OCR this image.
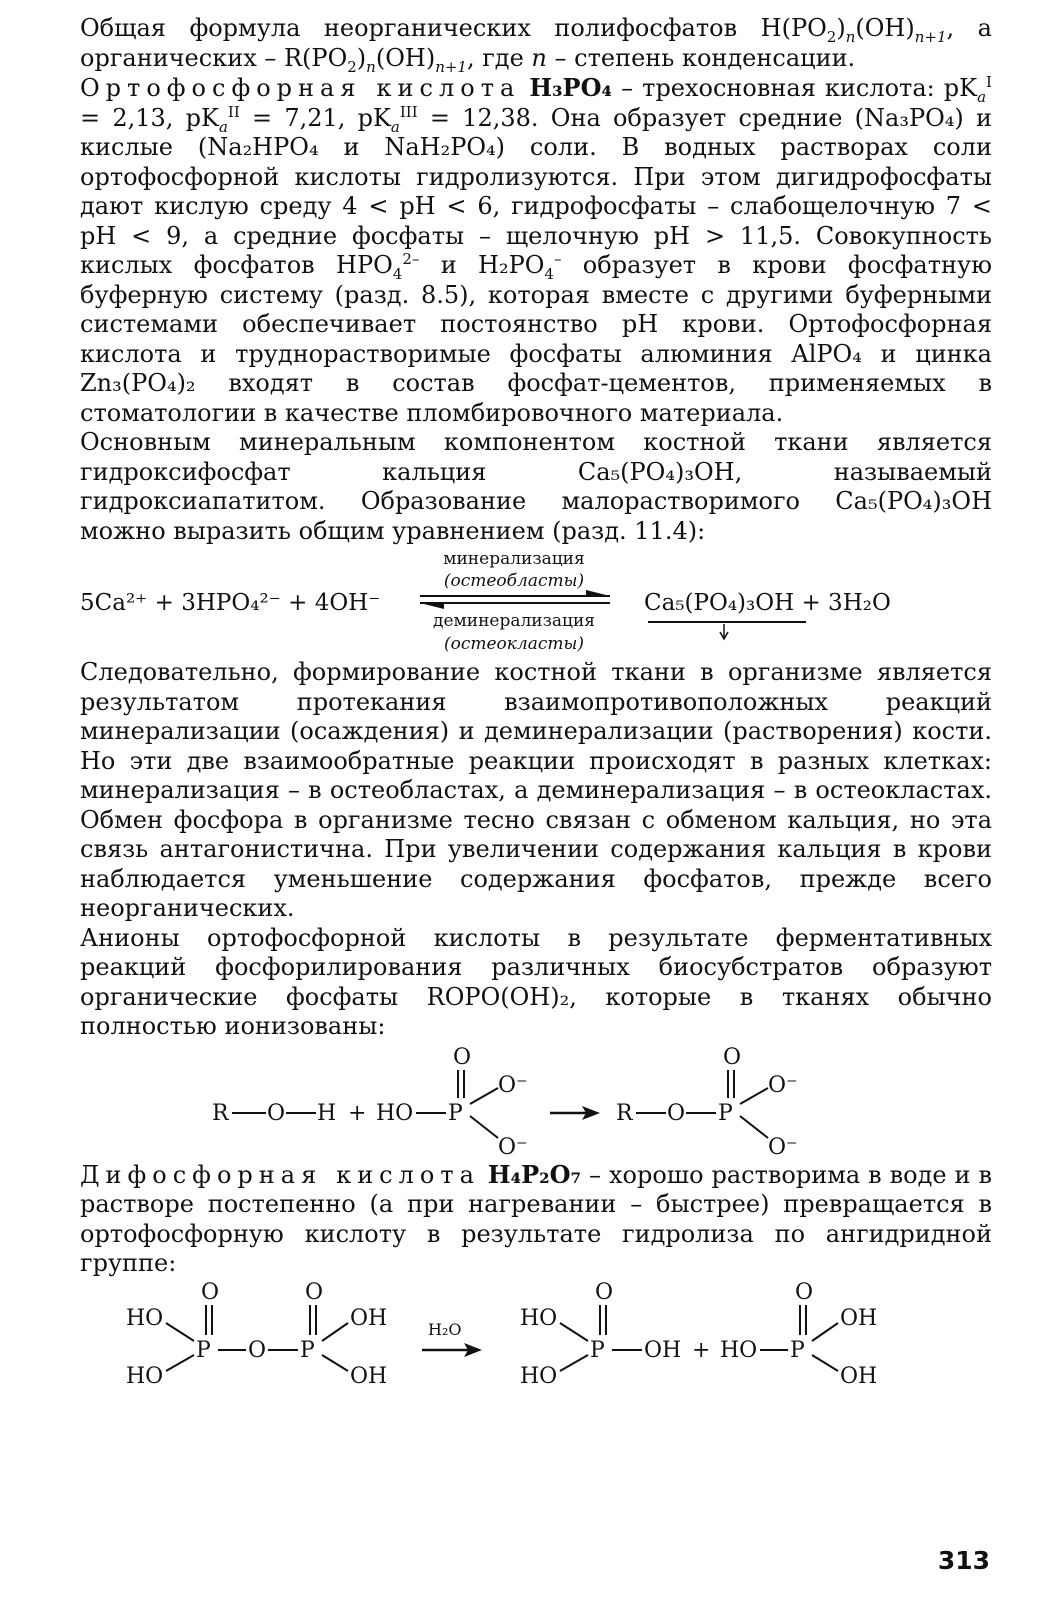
Общая формула неорганических полифосфатов $H(PO_2)_n(OH)_{n+1}$, а органических – $R(PO_2)_n(OH)_{n+1}$, где n – степень конденсации.

Ортофосфорная кислота H₃PO₄ – трехосновная кислота: $pK_a^I = 2,13$, $pK_a^{II} = 7,21$, $pK_a^{III} = 12,38$. Она образует средние (Na₃PO₄) и кислые (Na₂HPO₄ и NaH₂PO₄) соли. В водных растворах соли ортофосфорной кислоты гидролизуются. При этом дигидрофосфаты дают кислую среду 4 < pH < 6, гидрофосфаты – слабощелочную 7 < pH < 9, а средние фосфаты – щелочную pH > 11,5. Совокупность кислых фосфатов $HPO_4^{2-}$ и $H_2PO_4^-$ образует в крови фосфатную буферную систему (разд. 8.5), которая вместе с другими буферными системами обеспечивает постоянство pH крови. Ортофосфорная кислота и труднорастворимые фосфаты алюминия AlPO₄ и цинка Zn₃(PO₄)₂ входят в состав фосфат-цементов, применяемых в стоматологии в качестве пломбировочного материала.

Основным минеральным компонентом костной ткани является гидроксифосфат кальция Ca₅(PO₄)₃OH, называемый гидроксиапатитом. Образование малорастворимого Ca₅(PO₄)₃OH можно выразить общим уравнением (разд. 11.4):

5Ca²⁺ + 3HPO₄²⁻ + 4OH⁻
минерализация
(остеобласты)
деминерализация
(остеокласты)
Ca₅(PO₄)₃OH + 3H₂O

Следовательно, формирование костной ткани в организме является результатом протекания взаимопротивоположных реакций минерализации (осаждения) и деминерализации (растворения) кости. Но эти две взаимообратные реакции происходят в разных клетках: минерализация – в остеобластах, а деминерализация – в остеокластах. Обмен фосфора в организме тесно связан с обменом кальция, но эта связь антагонистична. При увеличении содержания кальция в крови наблюдается уменьшение содержания фосфатов, прежде всего неорганических.

Анионы ортофосфорной кислоты в результате ферментативных реакций фосфорилирования различных биосубстратов образуют органические фосфаты ROPO(OH)₂, которые в тканях обычно полностью ионизованы:

R O H + HO P
O
O⁻
O⁻
R O P
O
O⁻
O⁻

Дифосфорная кислота H₄P₂O₇ – хорошо растворима в воде и в растворе постепенно (а при нагревании – быстрее) превращается в ортофосфорную кислоту в результате гидролиза по ангидридной группе:

HO
HO
P
O
O P
O
OH
OH
H₂O	HO
HO
P
O
OH + HO P
O
OH
OH
313
